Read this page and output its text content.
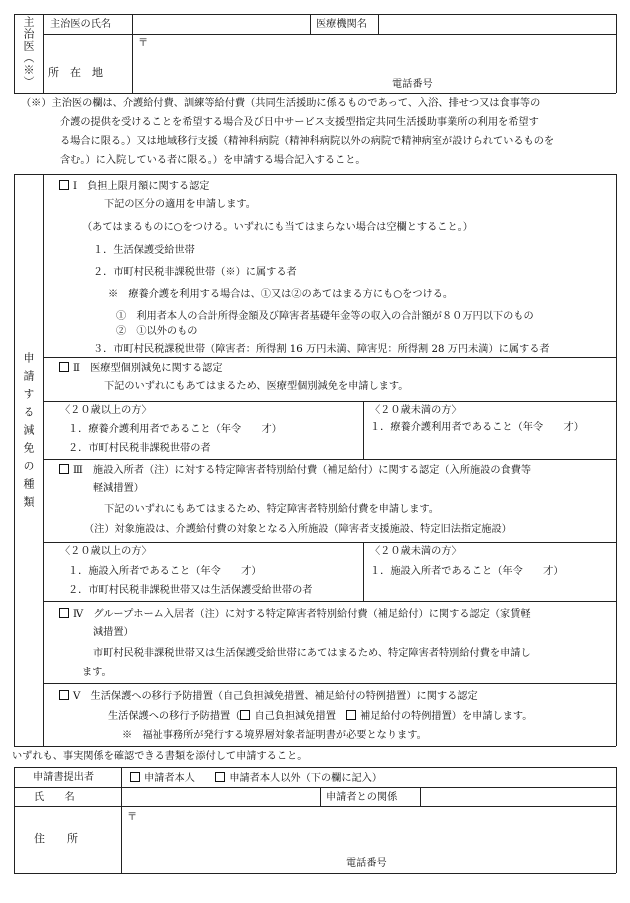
主治医（※）	主治医の氏名	医療機関名
〒
所　在　地
電話番号
（※）主治医の欄は、介護給付費、訓練等給付費（共同生活援助に係るものであって、入浴、排せつ又は食事等の
介護の提供を受けることを希望する場合及び日中サービス支援型指定共同生活援助事業所の利用を希望す
る場合に限る。）又は地域移行支援（精神科病院（精神科病院以外の病院で精神病室が設けられているものを
含む。）に入院している者に限る。）を申請する場合記入すること。
申請する減免の種類
Ⅰ　負担上限月額に関する認定
下記の区分の適用を申請します。
（あてはまるものに○をつける。いずれにも当てはまらない場合は空欄とすること。）
１．生活保護受給世帯
２．市町村民税非課税世帯（※）に属する者
※　療養介護を利用する場合は、①又は②のあてはまる方にも○をつける。
①　利用者本人の合計所得金額及び障害者基礎年金等の収入の合計額が８０万円以下のもの
②　①以外のもの
３．市町村民税課税世帯（障害者：所得割 16 万円未満、障害児：所得割 28 万円未満）に属する者
Ⅱ　医療型個別減免に関する認定
下記のいずれにもあてはまるため、医療型個別減免を申請します。
〈２０歳以上の方〉
１．療養介護利用者であること（年令　　才）
２．市町村民税非課税世帯の者
〈２０歳未満の方〉
１．療養介護利用者であること（年令　　才）
Ⅲ　施設入所者（注）に対する特定障害者特別給付費（補足給付）に関する認定（入所施設の食費等
軽減措置）
下記のいずれにもあてはまるため、特定障害者特別給付費を申請します。
（注）対象施設は、介護給付費の対象となる入所施設（障害者支援施設、特定旧法指定施設）
〈２０歳以上の方〉
１．施設入所者であること（年令　　才）
２．市町村民税非課税世帯又は生活保護受給世帯の者
〈２０歳未満の方〉
１．施設入所者であること（年令　　才）
Ⅳ　グループホーム入居者（注）に対する特定障害者特別給付費（補足給付）に関する認定（家賃軽
減措置）
市町村民税非課税世帯又は生活保護受給世帯にあてはまるため、特定障害者特別給付費を申請し
ます。
Ⅴ　生活保護への移行予防措置（自己負担減免措置、補足給付の特例措置）に関する認定
生活保護への移行予防措置（ 自己負担減免措置　 補足給付の特例措置）を申請します。
※　福祉事務所が発行する境界層対象者証明書が必要となります。
いずれも、事実関係を確認できる書類を添付して申請すること。
申請書提出者	申請者本人　　	申請者本人以外（下の欄に記入）
氏　　名	申請者との関係
〒
住　　所
電話番号
